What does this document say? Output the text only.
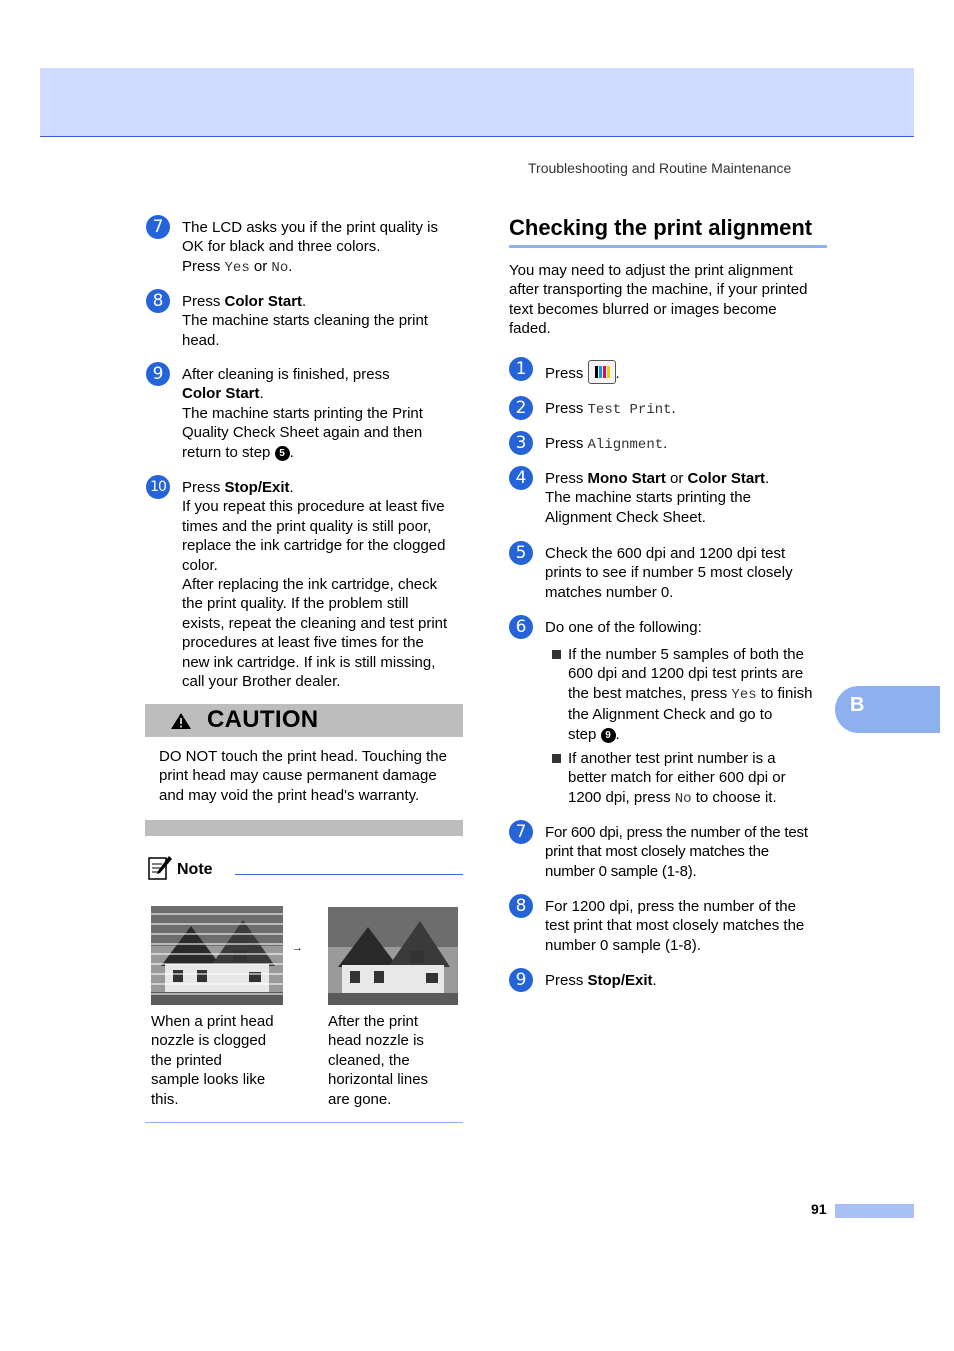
Troubleshooting and Routine Maintenance
7	The LCD asks you if the print quality is
OK for black and three colors.
Press Yes or No.
8	Press Color Start.
The machine starts cleaning the print
head.
9	After cleaning is finished, press
Color Start.
The machine starts printing the Print
Quality Check Sheet again and then
return to step 5 .
10 Press Stop/Exit.
If you repeat this procedure at least five
times and the print quality is still poor,
replace the ink cartridge for the clogged
color.
After replacing the ink cartridge, check
the print quality. If the problem still
exists, repeat the cleaning and test print
procedures at least five times for the
new ink cartridge. If ink is still missing,
call your Brother dealer.
CAUTION
DO NOT touch the print head. Touching the
print head may cause permanent damage
and may void the print head's warranty.
Note
→
When a print head
nozzle is clogged
the printed
sample looks like
this.
After the print
head nozzle is
cleaned, the
horizontal lines
are gone.
Checking the print alignment
You may need to adjust the print alignment
after transporting the machine, if your printed
text becomes blurred or images become
faded.
1	Press
.
2	Press Test Print.
3	Press Alignment.
4	Press Mono Start or Color Start.
The machine starts printing the
Alignment Check Sheet.
5	Check the 600 dpi and 1200 dpi test
prints to see if number 5 most closely
matches number 0.
6	Do one of the following:
If the number 5 samples of both the
600 dpi and 1200 dpi test prints are
the best matches, press Yes to finish
the Alignment Check and go to
step 9 .
If another test print number is a
better match for either 600 dpi or
1200 dpi, press No to choose it.
7	For 600 dpi, press the number of the test
print that most closely matches the
number 0 sample (1-8).
8	For 1200 dpi, press the number of the
test print that most closely matches the
number 0 sample (1-8).
9	Press Stop/Exit.
B
91
